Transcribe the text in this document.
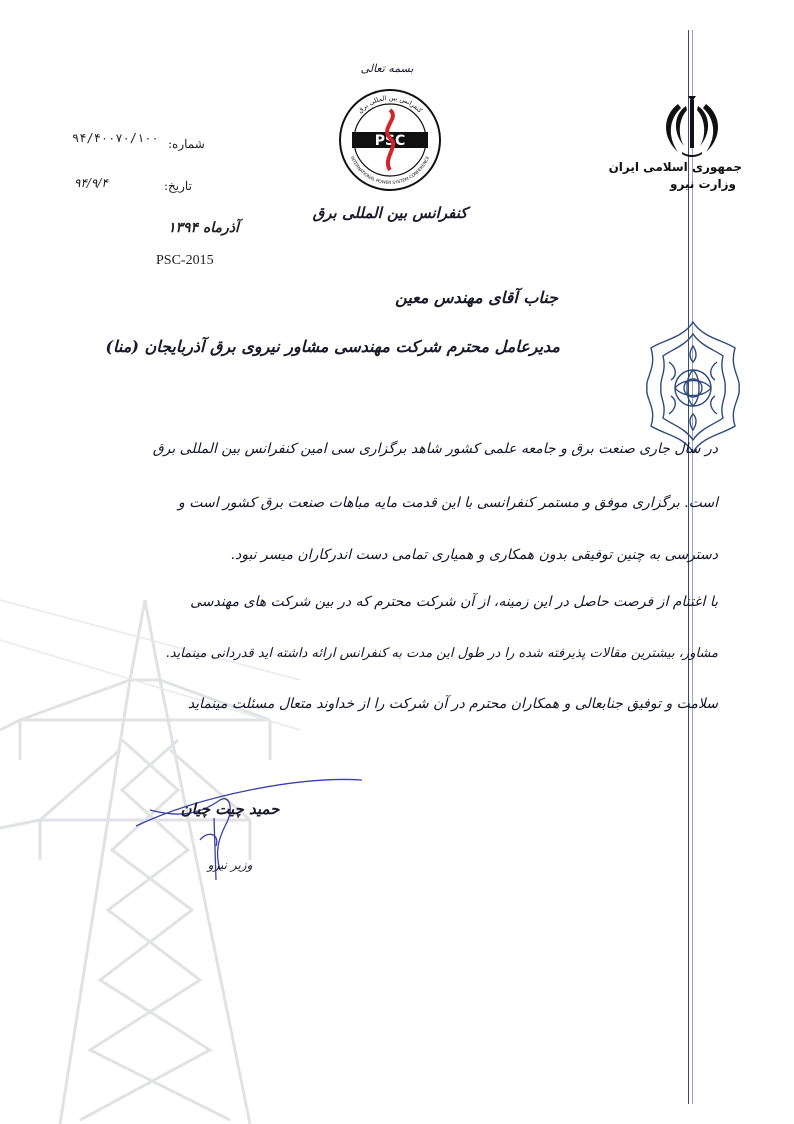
جمهوری اسلامی ایران
وزارت نیرو
بسمه تعالی
کنفرانس بین المللی برق
INTERNATIONAL POWER SYSTEM CONFERENCE
PSC
کنفرانس بین المللی برق
شماره:
۹۴/۴۰۰۷۰/۱۰۰
تاریخ:
۹۴/۹/۴
آذرماه ۱۳۹۴
PSC-2015
جناب آقای مهندس معین
مدیرعامل محترم شرکت مهندسی مشاور نیروی برق آذربایجان (منا)
در سال جاری صنعت برق و جامعه علمی کشور شاهد برگزاری سی امین کنفرانس بین المللی برق
است. برگزاری موفق و مستمر کنفرانسی با این قدمت مایه مباهات صنعت برق کشور است و
دسترسی به چنین توفیقی بدون همکاری و همیاری تمامی دست اندرکاران میسر نبود.
با اغتنام از فرصت حاصل در این زمینه، از آن شرکت محترم که در بین شرکت های مهندسی
مشاور، بیشترین مقالات پذیرفته شده را در طول این مدت به کنفرانس ارائه داشته اید قدردانی مینماید.
سلامت و توفیق جنابعالی و همکاران محترم در آن شرکت را از خداوند متعال مسئلت مینماید
حمید چیت چیان
وزیر نیرو
